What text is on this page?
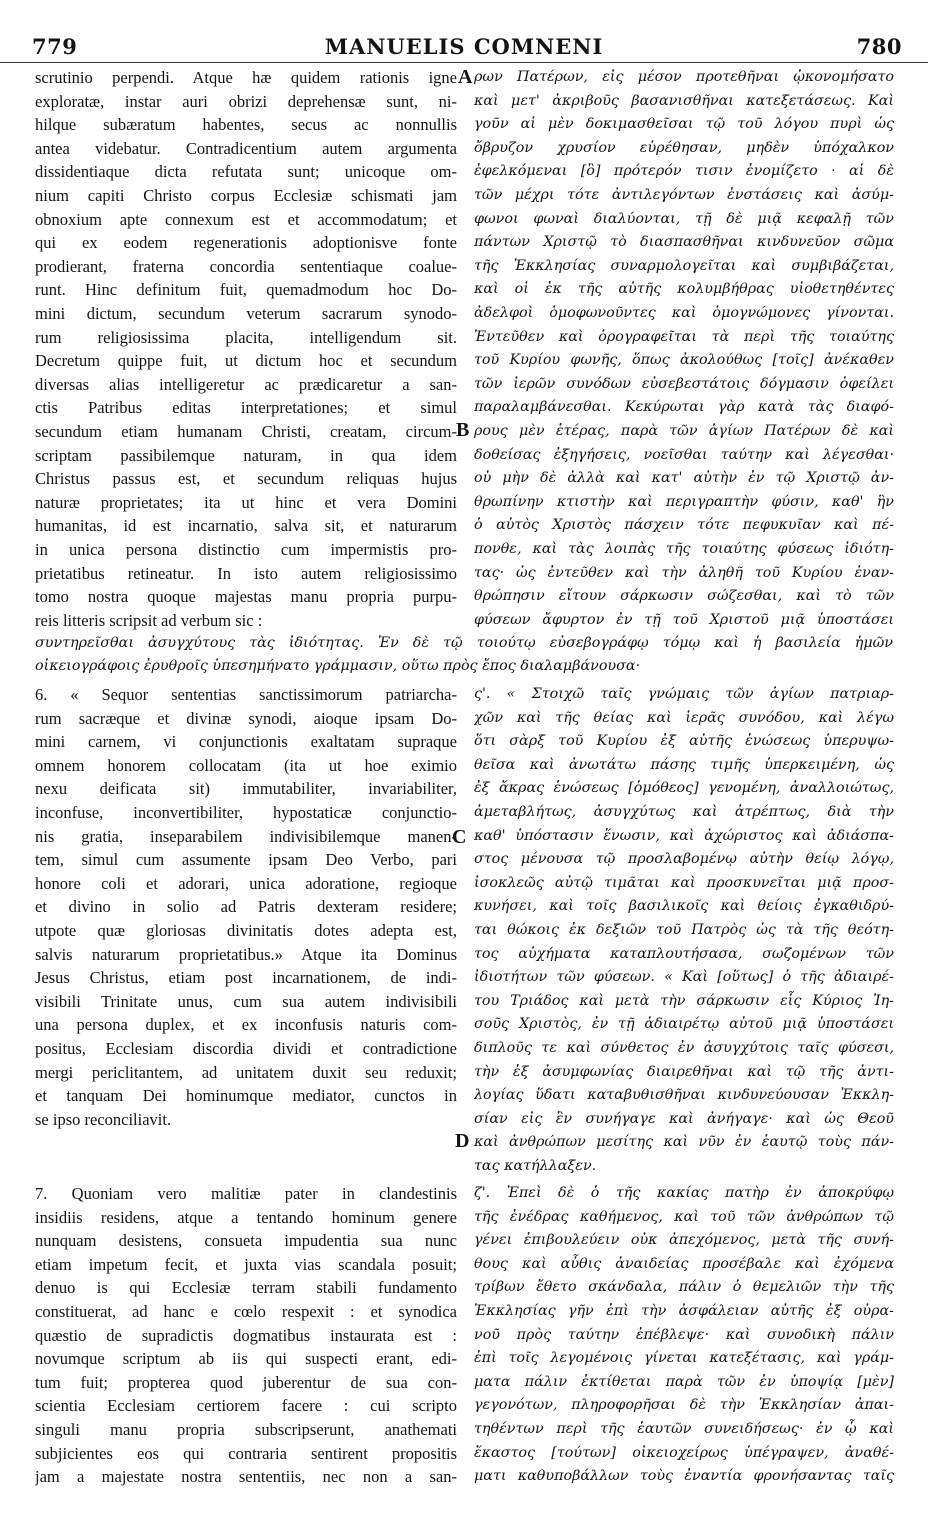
779	MANUELIS COMNENI	780
scrutinio perpendi. Atque hæ quidem rationis igne
exploratæ, instar auri obrizi deprehensæ sunt, ni-
hilque subæratum habentes, secus ac nonnullis
antea videbatur. Contradicentium autem argumenta
dissidentiaque dicta refutata sunt; unicoque om-
nium capiti Christo corpus Ecclesiæ schismati jam
obnoxium apte connexum est et accommodatum; et
qui ex eodem regenerationis adoptionisve fonte
prodierant, fraterna concordia sententiaque coalue-
runt. Hinc definitum fuit, quemadmodum hoc Do-
mini dictum, secundum veterum sacrarum synodo-
rum religiosissima placita, intelligendum sit.
Decretum quippe fuit, ut dictum hoc et secundum
diversas alias intelligeretur ac prædicaretur a san-
ctis Patribus editas interpretationes; et simul
secundum etiam humanam Christi, creatam, circum-
scriptam passibilemque naturam, in qua idem
Christus passus est, et secundum reliquas hujus
naturæ proprietates; ita ut hinc et vera Domini
humanitas, id est incarnatio, salva sit, et naturarum
in unica persona distinctio cum impermistis pro-
prietatibus retineatur. In isto autem religiosissimo
tomo nostra quoque majestas manu propria purpu-
reis litteris scripsit ad verbum sic :
ρων Πατέρων, εἰς μέσον προτεθῆναι ᾠκονομήσατο
καὶ μετ' ἀκριβοῦς βασανισθῆναι κατεξετάσεως. Καὶ
γοῦν αἱ μὲν δοκιμασθεῖσαι τῷ τοῦ λόγου πυρὶ ὡς
ὄβρυζον χρυσίον εὑρέθησαν, μηδὲν ὑπόχαλκον
ἐφελκόμεναι [ὃ] πρότερόν τισιν ἐνομίζετο · αἱ δὲ
τῶν μέχρι τότε ἀντιλεγόντων ἐνστάσεις καὶ ἀσύμ-
φωνοι φωναὶ διαλύονται, τῇ δὲ μιᾷ κεφαλῇ τῶν
πάντων Χριστῷ τὸ διασπασθῆναι κινδυνεῦον σῶμα
τῆς Ἐκκλησίας συναρμολογεῖται καὶ συμβιβάζεται,
καὶ οἱ ἐκ τῆς αὐτῆς κολυμβήθρας υἱοθετηθέντες
ἀδελφοὶ ὁμοφωνοῦντες καὶ ὁμογνώμονες γίνονται.
Ἐντεῦθεν καὶ ὁρογραφεῖται τὰ περὶ τῆς τοιαύτης
τοῦ Κυρίου φωνῆς, ὅπως ἀκολούθως [τοῖς] ἀνέκαθεν
τῶν ἱερῶν συνόδων εὐσεβεστάτοις δόγμασιν ὀφείλει
παραλαμβάνεσθαι. Κεκύρωται γὰρ κατὰ τὰς διαφό-
ρους μὲν ἑτέρας, παρὰ τῶν ἁγίων Πατέρων δὲ καὶ
δοθείσας ἐξηγήσεις, νοεῖσθαι ταύτην καὶ λέγεσθαι·
οὐ μὴν δὲ ἀλλὰ καὶ κατ' αὐτὴν ἐν τῷ Χριστῷ ἀν-
θρωπίνην κτιστὴν καὶ περιγραπτὴν φύσιν, καθ' ἣν
ὁ αὐτὸς Χριστὸς πάσχειν τότε πεφυκυῖαν καὶ πέ-
πονθε, καὶ τὰς λοιπὰς τῆς τοιαύτης φύσεως ἰδιότη-
τας· ὡς ἐντεῦθεν καὶ τὴν ἀληθῆ τοῦ Κυρίου ἐναν-
θρώπησιν εἴτουν σάρκωσιν σώζεσθαι, καὶ τὸ τῶν
φύσεων ἄφυρτον ἐν τῇ τοῦ Χριστοῦ μιᾷ ὑποστάσει
συντηρεῖσθαι ἀσυγχύτους τὰς ἰδιότητας. Ἐν δὲ τῷ τοιούτῳ εὐσεβογράφῳ τόμῳ καὶ ἡ βασιλεία ἡμῶν
οἰκειογράφοις ἐρυθροῖς ὑπεσημήνατο γράμμασιν, οὕτω πρὸς ἔπος διαλαμβάνουσα·
6. « Sequor sententias sanctissimorum patriarcha-
rum sacræque et divinæ synodi, aioque ipsam Do-
mini carnem, vi conjunctionis exaltatam supraque
omnem honorem collocatam (ita ut hoe eximio
nexu deificata sit) immutabiliter, invariabiliter,
inconfuse, inconvertibiliter, hypostaticæ conjunctio-
nis gratia, inseparabilem indivisibilemque manen-
tem, simul cum assumente ipsam Deo Verbo, pari
honore coli et adorari, unica adoratione, regioque
et divino in solio ad Patris dexteram residere;
utpote quæ gloriosas divinitatis dotes adepta est,
salvis naturarum proprietatibus.» Atque ita Dominus
Jesus Christus, etiam post incarnationem, de indi-
visibili Trinitate unus, cum sua autem indivisibili
una persona duplex, et ex inconfusis naturis com-
positus, Ecclesiam discordia dividi et contradictione
mergi periclitantem, ad unitatem duxit seu reduxit;
et tanquam Dei hominumque mediator, cunctos in
se ipso reconciliavit.
ς'. « Στοιχῶ ταῖς γνώμαις τῶν ἁγίων πατριαρ-
χῶν καὶ τῆς θείας καὶ ἱερᾶς συνόδου, καὶ λέγω
ὅτι σὰρξ τοῦ Κυρίου ἐξ αὐτῆς ἑνώσεως ὑπερυψω-
θεῖσα καὶ ἀνωτάτω πάσης τιμῆς ὑπερκειμένη, ὡς
ἐξ ἄκρας ἑνώσεως [ὁμόθεος] γενομένη, ἀναλλοιώτως,
ἀμεταβλήτως, ἀσυγχύτως καὶ ἀτρέπτως, διὰ τὴν
καθ' ὑπόστασιν ἕνωσιν, καὶ ἀχώριστος καὶ ἀδιάσπα-
στος μένουσα τῷ προσλαβομένῳ αὐτὴν θείῳ λόγῳ,
ἰσοκλεῶς αὐτῷ τιμᾶται καὶ προσκυνεῖται μιᾷ προσ-
κυνήσει, καὶ τοῖς βασιλικοῖς καὶ θείοις ἐγκαθιδρύ-
ται θώκοις ἐκ δεξιῶν τοῦ Πατρὸς ὡς τὰ τῆς θεότη-
τος αὐχήματα καταπλουτήσασα, σωζομένων τῶν
ἰδιοτήτων τῶν φύσεων. « Καὶ [οὕτως] ὁ τῆς ἀδιαιρέ-
του Τριάδος καὶ μετὰ τὴν σάρκωσιν εἷς Κύριος Ἰη-
σοῦς Χριστὸς, ἐν τῇ ἀδιαιρέτῳ αὐτοῦ μιᾷ ὑποστάσει
διπλοῦς τε καὶ σύνθετος ἐν ἀσυγχύτοις ταῖς φύσεσι,
τὴν ἐξ ἀσυμφωνίας διαιρεθῆναι καὶ τῷ τῆς ἀντι-
λογίας ὕδατι καταβυθισθῆναι κινδυνεύουσαν Ἐκκλη-
σίαν εἰς ἓν συνήγαγε καὶ ἀνήγαγε· καὶ ὡς Θεοῦ
καὶ ἀνθρώπων μεσίτης καὶ νῦν ἐν ἑαυτῷ τοὺς πάν-
τας κατήλλαξεν.
7. Quoniam vero malitiæ pater in clandestinis
insidiis residens, atque a tentando hominum genere
nunquam desistens, consueta impudentia sua nunc
etiam impetum fecit, et juxta vias scandala posuit;
denuo is qui Ecclesiæ terram stabili fundamento
constituerat, ad hanc e cœlo respexit : et synodica
quæstio de supradictis dogmatibus instaurata est :
novumque scriptum ab iis qui suspecti erant, edi-
tum fuit; propterea quod juberentur de sua con-
scientia Ecclesiam certiorem facere : cui scripto
singuli manu propria subscripserunt, anathemati
subjicientes eos qui contraria sentirent propositis
jam a majestate nostra sententiis, nec non a san-
ζ'. Ἐπεὶ δὲ ὁ τῆς κακίας πατὴρ ἐν ἀποκρύφῳ
τῆς ἐνέδρας καθήμενος, καὶ τοῦ τῶν ἀνθρώπων τῷ
γένει ἐπιβουλεύειν οὐκ ἀπεχόμενος, μετὰ τῆς συνή-
θους καὶ αὖθις ἀναιδείας προσέβαλε καὶ ἐχόμενα
τρίβων ἔθετο σκάνδαλα, πάλιν ὁ θεμελιῶν τὴν τῆς
Ἐκκλησίας γῆν ἐπὶ τὴν ἀσφάλειαν αὐτῆς ἐξ οὐρα-
νοῦ πρὸς ταύτην ἐπέβλεψε· καὶ συνοδικὴ πάλιν
ἐπὶ τοῖς λεγομένοις γίνεται κατεξέτασις, καὶ γράμ-
ματα πάλιν ἐκτίθεται παρὰ τῶν ἐν ὑποψίᾳ [μὲν]
γεγονότων, πληροφορῆσαι δὲ τὴν Ἐκκλησίαν ἀπαι-
τηθέντων περὶ τῆς ἑαυτῶν συνειδήσεως· ἐν ᾧ καὶ
ἕκαστος [τούτων] οἰκειοχείρως ὑπέγραψεν, ἀναθέ-
ματι καθυποβάλλων τοὺς ἐναντία φρονήσαντας ταῖς
A
B
C
D
